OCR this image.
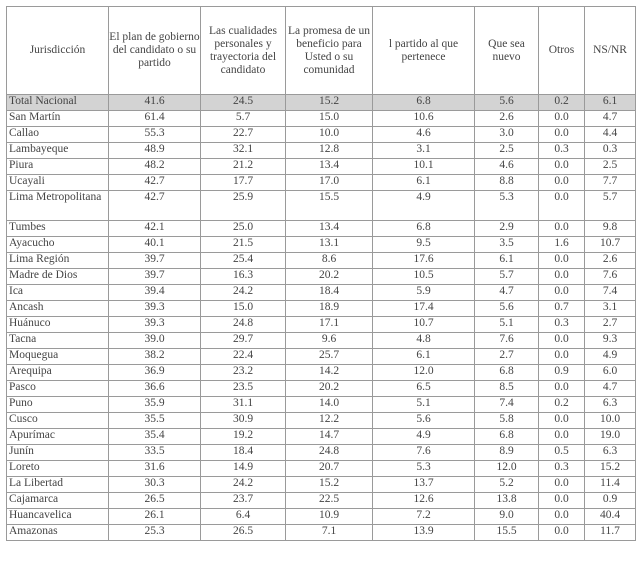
Jurisdicción	El plan de gobierno del candidato o su partido	Las cualidades personales y trayectoria del candidato	La promesa de un beneficio para Usted o su comunidad	l partido al que pertenece	Que sea nuevo	Otros	NS/NR
Total Nacional	41.6	24.5	15.2	6.8	5.6	0.2	6.1
San Martín	61.4	5.7	15.0	10.6	2.6	0.0	4.7
Callao	55.3	22.7	10.0	4.6	3.0	0.0	4.4
Lambayeque	48.9	32.1	12.8	3.1	2.5	0.3	0.3
Piura	48.2	21.2	13.4	10.1	4.6	0.0	2.5
Ucayali	42.7	17.7	17.0	6.1	8.8	0.0	7.7
Lima Metropolitana	42.7	25.9	15.5	4.9	5.3	0.0	5.7
Tumbes	42.1	25.0	13.4	6.8	2.9	0.0	9.8
Ayacucho	40.1	21.5	13.1	9.5	3.5	1.6	10.7
Lima Región	39.7	25.4	8.6	17.6	6.1	0.0	2.6
Madre de Dios	39.7	16.3	20.2	10.5	5.7	0.0	7.6
Ica	39.4	24.2	18.4	5.9	4.7	0.0	7.4
Ancash	39.3	15.0	18.9	17.4	5.6	0.7	3.1
Huánuco	39.3	24.8	17.1	10.7	5.1	0.3	2.7
Tacna	39.0	29.7	9.6	4.8	7.6	0.0	9.3
Moquegua	38.2	22.4	25.7	6.1	2.7	0.0	4.9
Arequipa	36.9	23.2	14.2	12.0	6.8	0.9	6.0
Pasco	36.6	23.5	20.2	6.5	8.5	0.0	4.7
Puno	35.9	31.1	14.0	5.1	7.4	0.2	6.3
Cusco	35.5	30.9	12.2	5.6	5.8	0.0	10.0
Apurímac	35.4	19.2	14.7	4.9	6.8	0.0	19.0
Junín	33.5	18.4	24.8	7.6	8.9	0.5	6.3
Loreto	31.6	14.9	20.7	5.3	12.0	0.3	15.2
La Libertad	30.3	24.2	15.2	13.7	5.2	0.0	11.4
Cajamarca	26.5	23.7	22.5	12.6	13.8	0.0	0.9
Huancavelica	26.1	6.4	10.9	7.2	9.0	0.0	40.4
Amazonas	25.3	26.5	7.1	13.9	15.5	0.0	11.7
